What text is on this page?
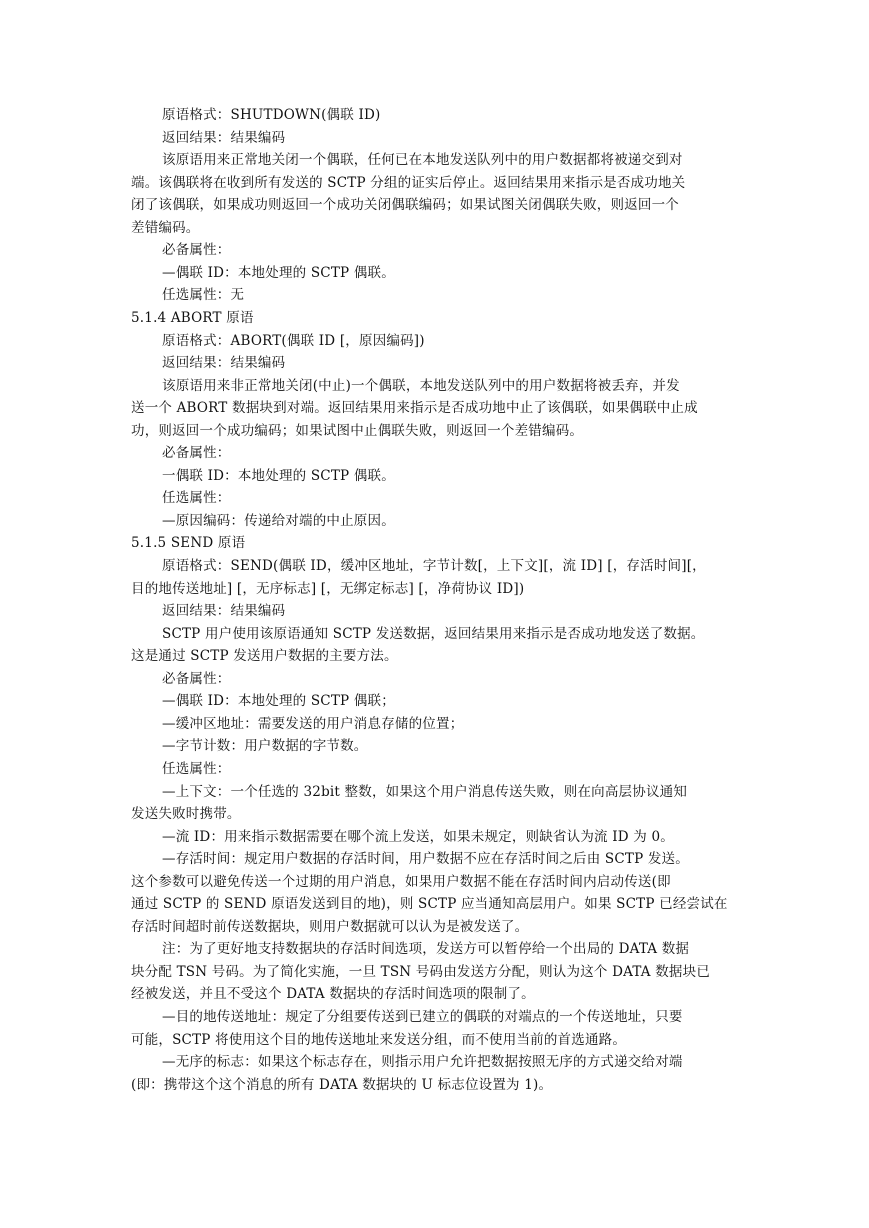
原语格式：SHUTDOWN(偶联 ID)
返回结果：结果编码
该原语用来正常地关闭一个偶联，任何已在本地发送队列中的用户数据都将被递交到对
端。该偶联将在收到所有发送的 SCTP 分组的证实后停止。返回结果用来指示是否成功地关
闭了该偶联，如果成功则返回一个成功关闭偶联编码；如果试图关闭偶联失败，则返回一个
差错编码。
必备属性：
—偶联 ID：本地处理的 SCTP 偶联。
任选属性：无
5.1.4 ABORT 原语
原语格式：ABORT(偶联 ID [，原因编码])
返回结果：结果编码
该原语用来非正常地关闭(中止)一个偶联，本地发送队列中的用户数据将被丢弃，并发
送一个 ABORT 数据块到对端。返回结果用来指示是否成功地中止了该偶联，如果偶联中止成
功，则返回一个成功编码；如果试图中止偶联失败，则返回一个差错编码。
必备属性：
一偶联 ID：本地处理的 SCTP 偶联。
任选属性：
—原因编码：传递给对端的中止原因。
5.1.5 SEND 原语
原语格式：SEND(偶联 ID，缓冲区地址，字节计数[，上下文][，流 ID] [，存活时间][，
目的地传送地址] [，无序标志] [，无绑定标志] [，净荷协议 ID])
返回结果：结果编码
SCTP 用户使用该原语通知 SCTP 发送数据，返回结果用来指示是否成功地发送了数据。
这是通过 SCTP 发送用户数据的主要方法。
必备属性：
—偶联 ID：本地处理的 SCTP 偶联；
—缓冲区地址：需要发送的用户消息存储的位置；
—字节计数：用户数据的字节数。
任选属性：
—上下文：一个任选的 32bit 整数，如果这个用户消息传送失败，则在向高层协议通知
发送失败时携带。
—流 ID：用来指示数据需要在哪个流上发送，如果未规定，则缺省认为流 ID 为 0。
—存活时间：规定用户数据的存活时间，用户数据不应在存活时间之后由 SCTP 发送。
这个参数可以避免传送一个过期的用户消息，如果用户数据不能在存活时间内启动传送(即
通过 SCTP 的 SEND 原语发送到目的地)，则 SCTP 应当通知高层用户。如果 SCTP 已经尝试在
存活时间超时前传送数据块，则用户数据就可以认为是被发送了。
注：为了更好地支持数据块的存活时间选项，发送方可以暂停给一个出局的 DATA 数据
块分配 TSN 号码。为了简化实施，一旦 TSN 号码由发送方分配，则认为这个 DATA 数据块已
经被发送，并且不受这个 DATA 数据块的存活时间选项的限制了。
—目的地传送地址：规定了分组要传送到已建立的偶联的对端点的一个传送地址，只要
可能，SCTP 将使用这个目的地传送地址来发送分组，而不使用当前的首选通路。
—无序的标志：如果这个标志存在，则指示用户允许把数据按照无序的方式递交给对端
(即：携带这个这个消息的所有 DATA 数据块的 U 标志位设置为 1)。
